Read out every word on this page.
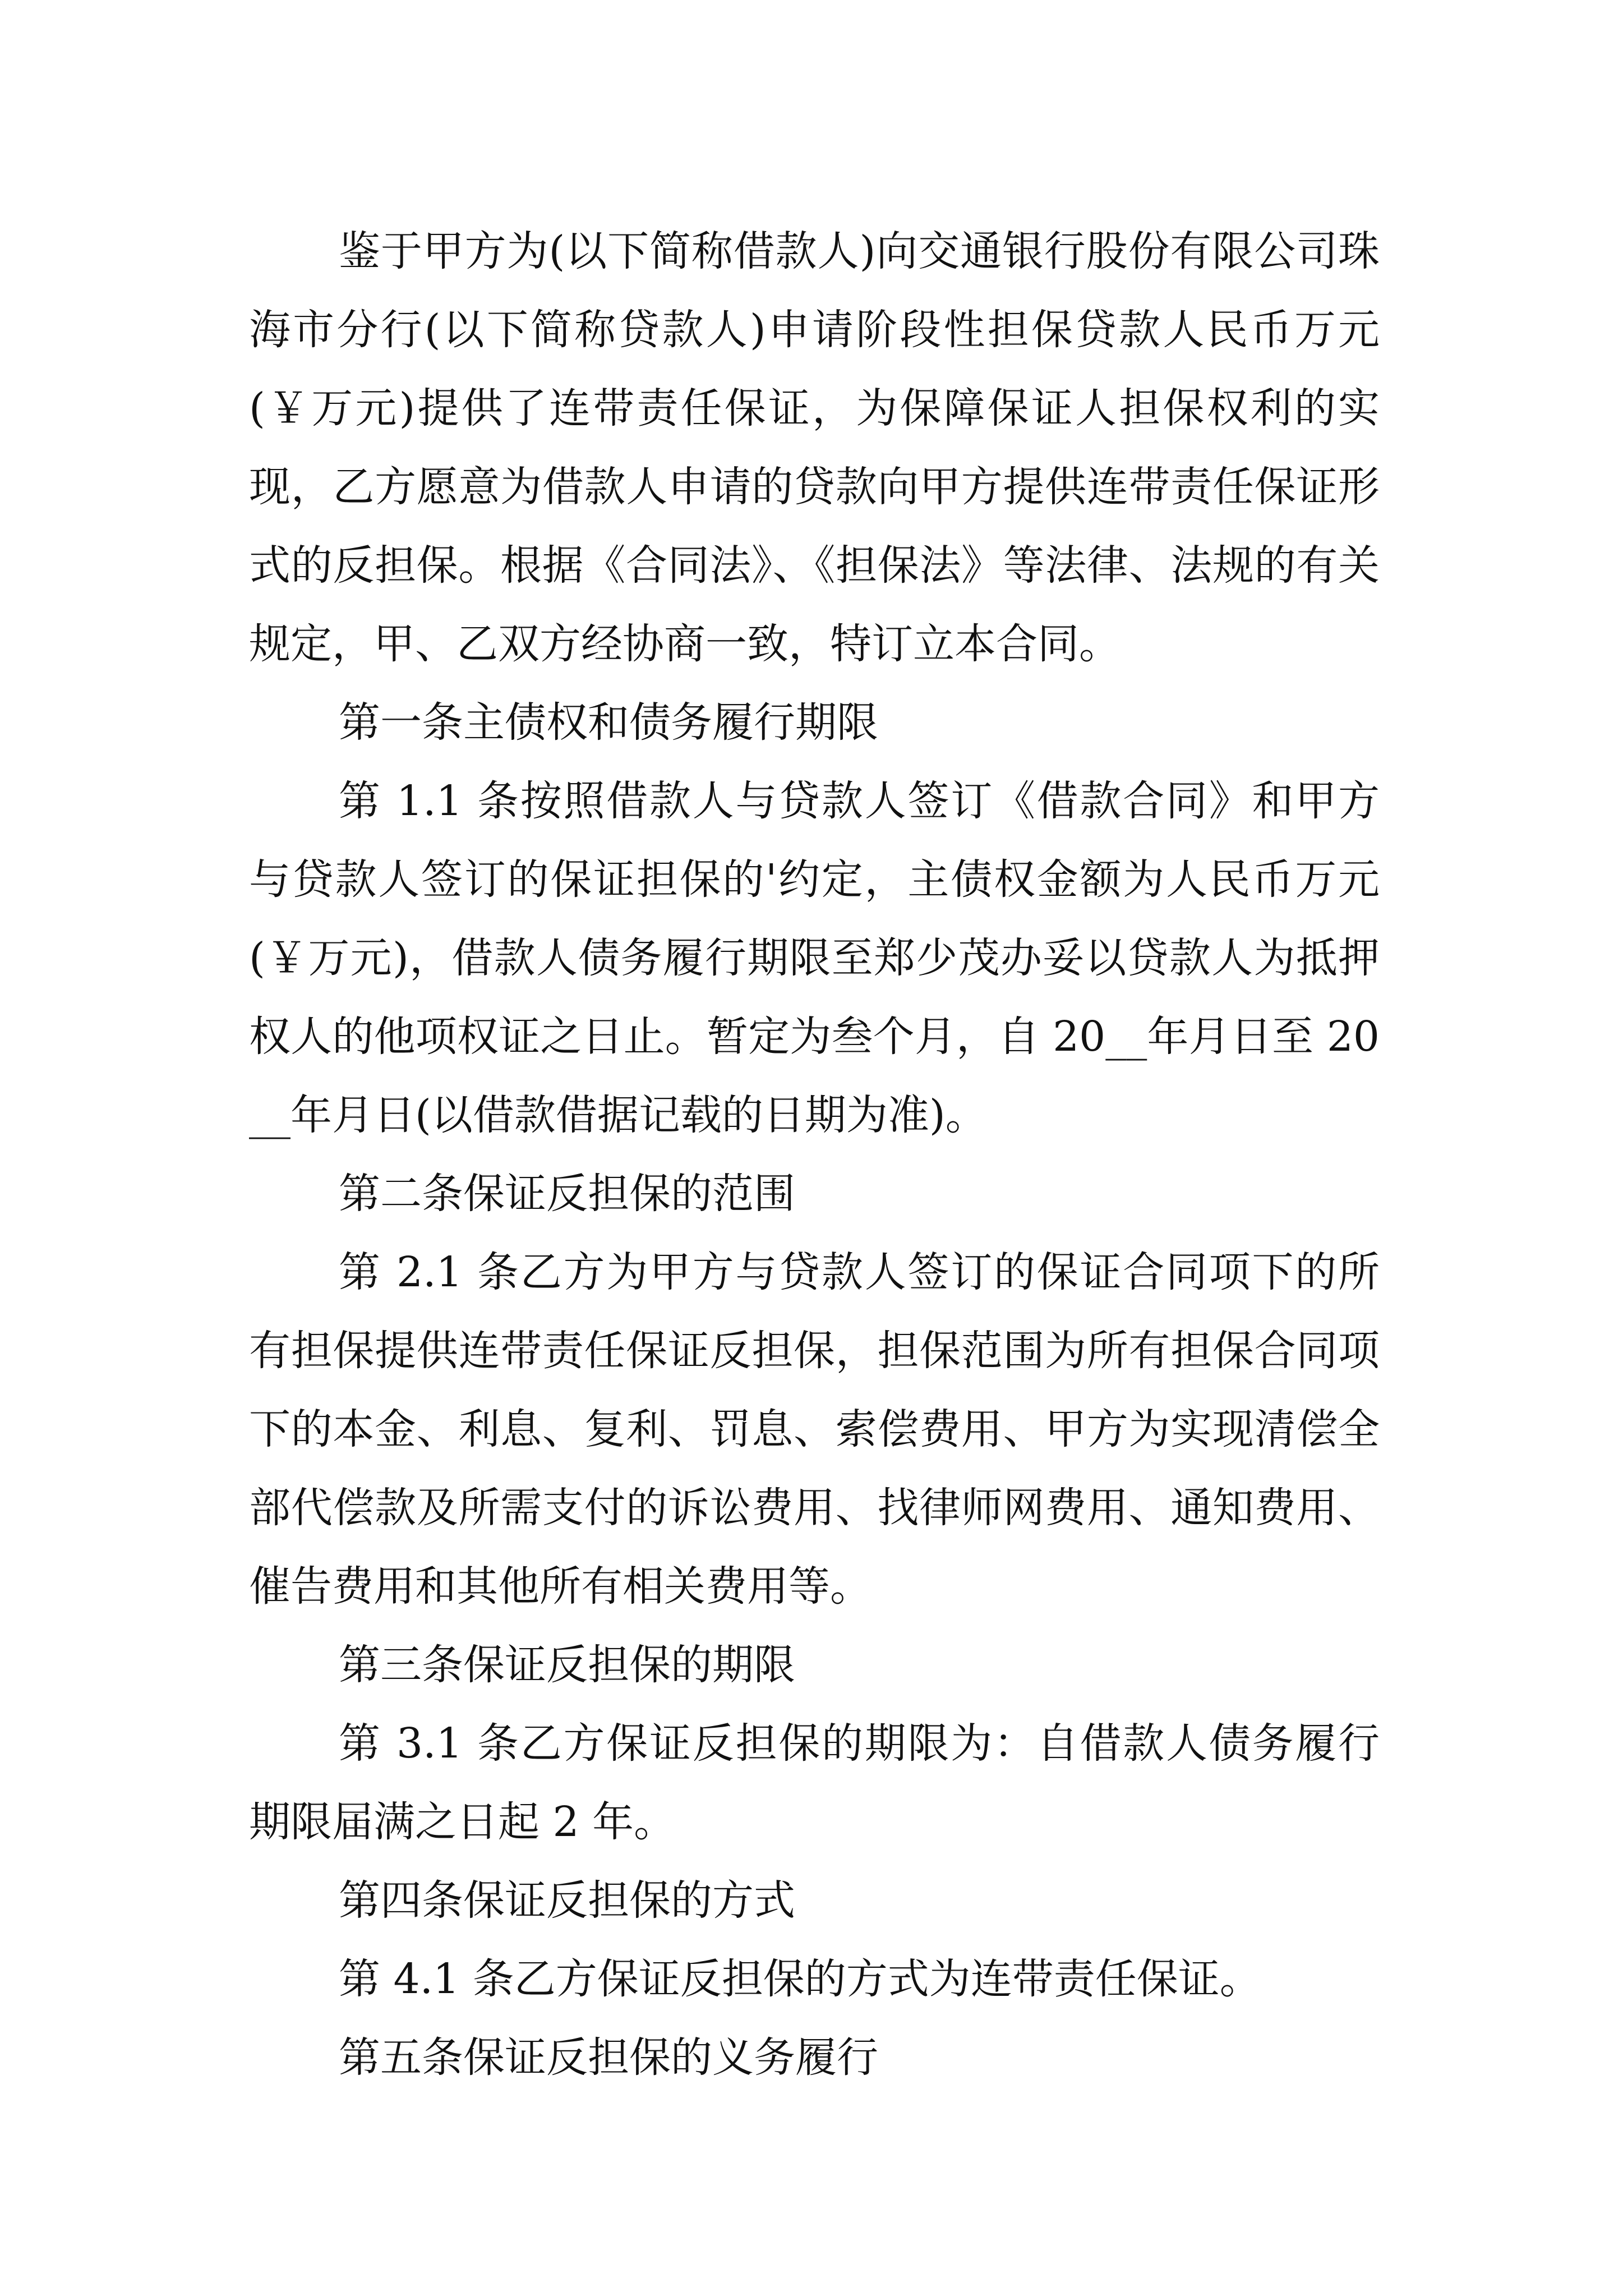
鉴于甲方为(以下简称借款人)向交通银行股份有限公司珠海市分行(以下简称贷款人)申请阶段性担保贷款人民币万元(￥万元)提供了连带责任保证，为保障保证人担保权利的实现，乙方愿意为借款人申请的贷款向甲方提供连带责任保证形式的反担保。根据《合同法》、《担保法》等法律、法规的有关规定，甲、乙双方经协商一致，特订立本合同。

第一条主债权和债务履行期限

第 1.1 条按照借款人与贷款人签订《借款合同》和甲方与贷款人签订的保证担保的'约定，主债权金额为人民币万元(￥万元)，借款人债务履行期限至郑少茂办妥以贷款人为抵押权人的他项权证之日止。暂定为叁个月，自 20__年月日至 20__年月日(以借款借据记载的日期为准)。

第二条保证反担保的范围

第 2.1 条乙方为甲方与贷款人签订的保证合同项下的所有担保提供连带责任保证反担保，担保范围为所有担保合同项下的本金、利息、复利、罚息、索偿费用、甲方为实现清偿全部代偿款及所需支付的诉讼费用、找律师网费用、通知费用、催告费用和其他所有相关费用等。

第三条保证反担保的期限

第 3.1 条乙方保证反担保的期限为：自借款人债务履行期限届满之日起 2 年。

第四条保证反担保的方式

第 4.1 条乙方保证反担保的方式为连带责任保证。

第五条保证反担保的义务履行
